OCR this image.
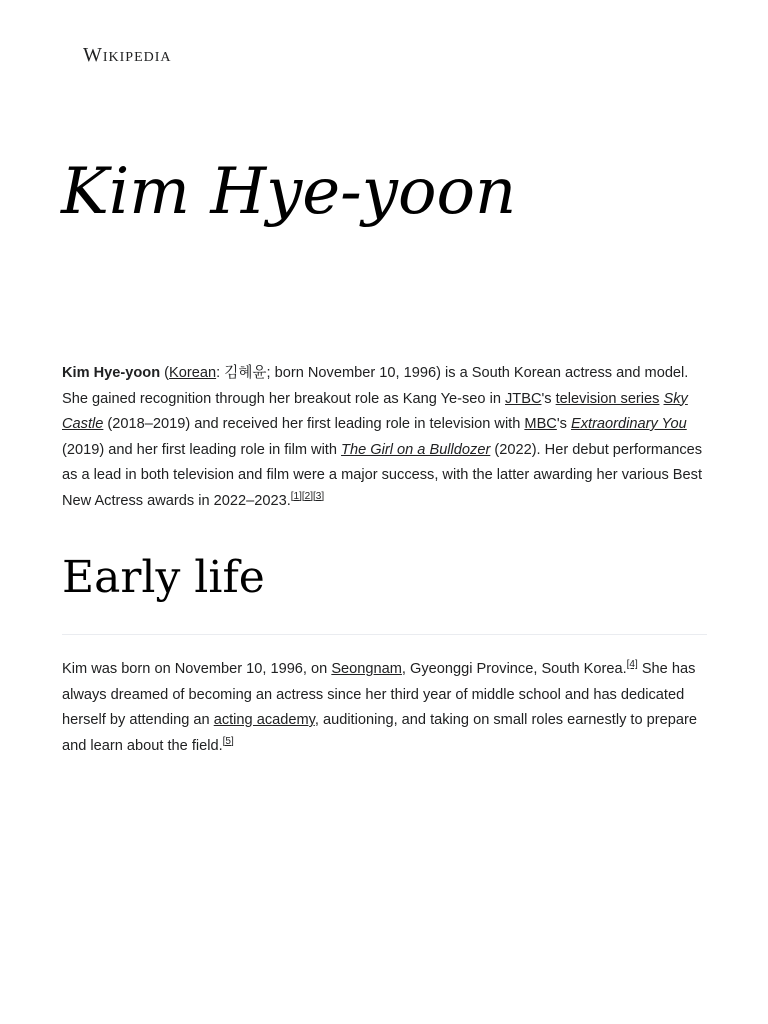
Wikipedia
Kim Hye-yoon

Kim Hye-yoon (Korean: 김혜윤; born November 10, 1996) is a South Korean actress and model. She gained recognition through her breakout role as Kang Ye-seo in JTBC's television series Sky Castle (2018–2019) and received her first leading role in television with MBC's Extraordinary You (2019) and her first leading role in film with The Girl on a Bulldozer (2022). Her debut performances as a lead in both television and film were a major success, with the latter awarding her various Best New Actress awards in 2022–2023.[1][2][3]

Early life

Kim was born on November 10, 1996, on Seongnam, Gyeonggi Province, South Korea.[4] She has always dreamed of becoming an actress since her third year of middle school and has dedicated herself by attending an acting academy, auditioning, and taking on small roles earnestly to prepare and learn about the field.[5]
